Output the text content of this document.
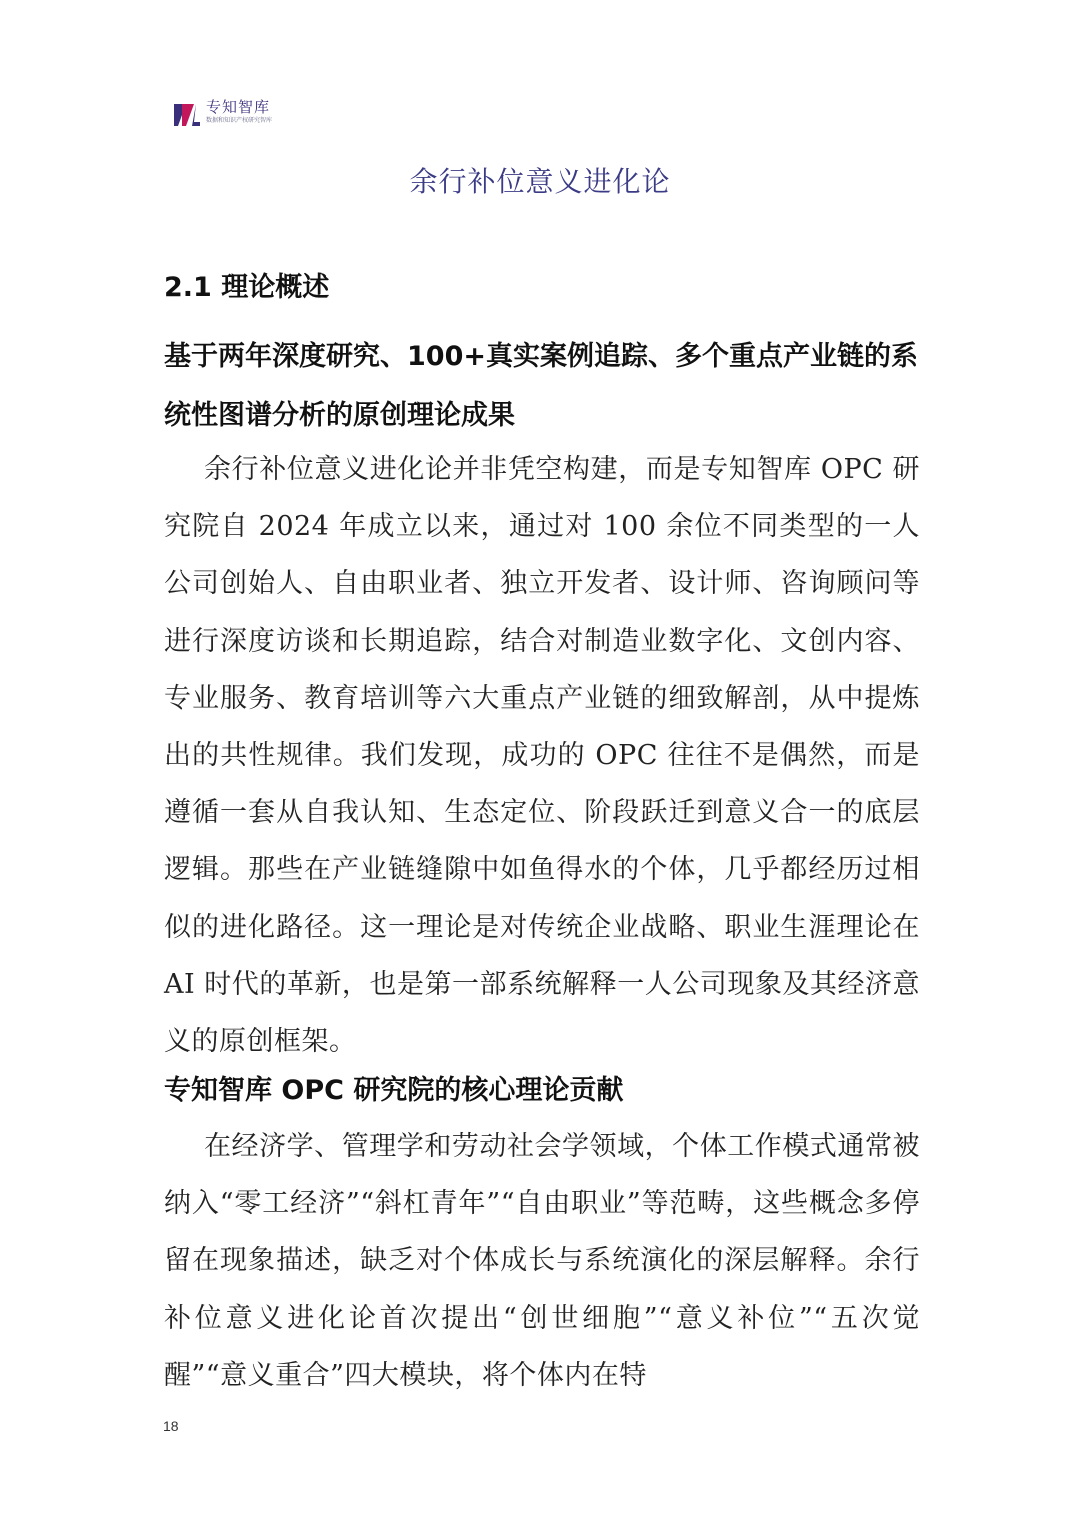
专知智库
数据和知识产权研究智库
余行补位意义进化论
2.1 理论概述
基于两年深度研究、100+真实案例追踪、多个重点产业链的系统性图谱分析的原创理论成果
余行补位意义进化论并非凭空构建，而是专知智库 OPC 研究院自 2024 年成立以来，通过对 100 余位不同类型的一人公司创始人、自由职业者、独立开发者、设计师、咨询顾问等进行深度访谈和长期追踪，结合对制造业数字化、文创内容、专业服务、教育培训等六大重点产业链的细致解剖，从中提炼出的共性规律。我们发现，成功的 OPC 往往不是偶然，而是遵循一套从自我认知、生态定位、阶段跃迁到意义合一的底层逻辑。那些在产业链缝隙中如鱼得水的个体，几乎都经历过相似的进化路径。这一理论是对传统企业战略、职业生涯理论在 AI 时代的革新，也是第一部系统解释一人公司现象及其经济意义的原创框架。
专知智库 OPC 研究院的核心理论贡献
在经济学、管理学和劳动社会学领域，个体工作模式通常被纳入“零工经济”“斜杠青年”“自由职业”等范畴，这些概念多停留在现象描述，缺乏对个体成长与系统演化的深层解释。余行补位意义进化论首次提出“创世细胞”“意义补位”“五次觉醒”“意义重合”四大模块，将个体内在特
18
